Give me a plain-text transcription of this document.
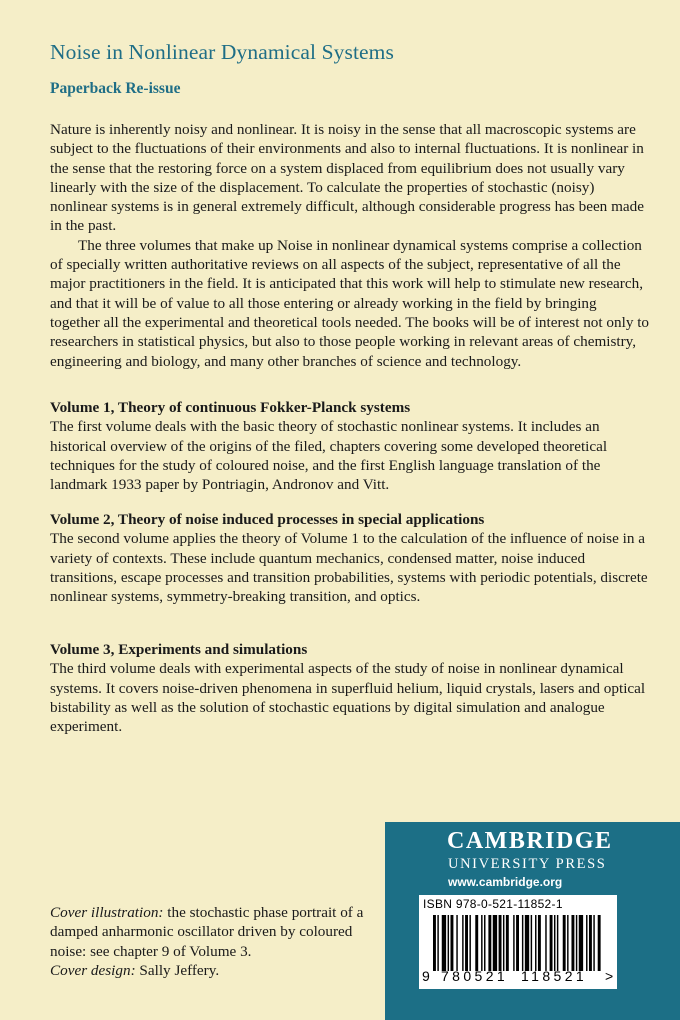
Noise in Nonlinear Dynamical Systems
Paperback Re-issue

Nature is inherently noisy and nonlinear. It is noisy in the sense that all macroscopic systems are subject to the fluctuations of their environments and also to internal fluctuations. It is nonlinear in the sense that the restoring force on a system displaced from equilibrium does not usually vary linearly with the size of the displacement. To calculate the properties of stochastic (noisy) nonlinear systems is in general extremely difficult, although considerable progress has been made in the past.

The three volumes that make up Noise in nonlinear dynamical systems comprise a collection of specially written authoritative reviews on all aspects of the subject, representative of all the major practitioners in the field. It is anticipated that this work will help to stimulate new research, and that it will be of value to all those entering or already working in the field by bringing together all the experimental and theoretical tools needed. The books will be of interest not only to researchers in statistical physics, but also to those people working in relevant areas of chemistry, engineering and biology, and many other branches of science and technology.

Volume 1, Theory of continuous Fokker-Planck systems

The first volume deals with the basic theory of stochastic nonlinear systems. It includes an historical overview of the origins of the filed, chapters covering some developed theoretical techniques for the study of coloured noise, and the first English language translation of the landmark 1933 paper by Pontriagin, Andronov and Vitt.

Volume 2, Theory of noise induced processes in special applications

The second volume applies the theory of Volume 1 to the calculation of the influence of noise in a variety of contexts. These include quantum mechanics, condensed matter, noise induced transitions, escape processes and transition probabilities, systems with periodic potentials, discrete nonlinear systems, symmetry-breaking transition, and optics.

Volume 3, Experiments and simulations

The third volume deals with experimental aspects of the study of noise in nonlinear dynamical systems. It covers noise-driven phenomena in superfluid helium, liquid crystals, lasers and optical bistability as well as the solution of stochastic equations by digital simulation and analogue experiment.

Cover illustration: the stochastic phase portrait of a damped anharmonic oscillator driven by coloured noise: see chapter 9 of Volume 3.
Cover design: Sally Jeffery.
CAMBRIDGE
UNIVERSITY PRESS
www.cambridge.org
ISBN 978-0-521-11852-1
9 780521 118521 >
